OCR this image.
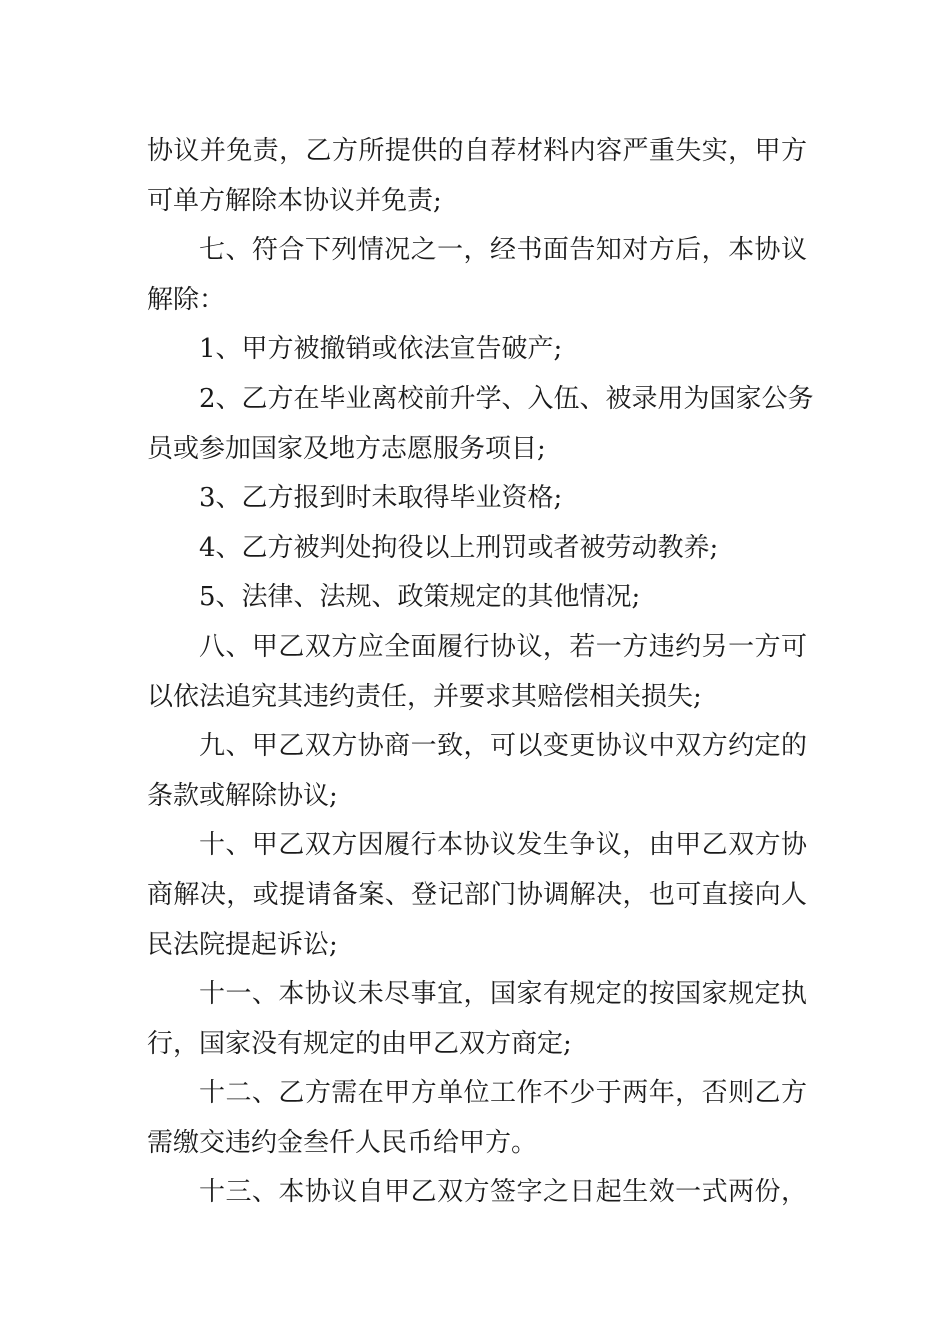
协议并免责，乙方所提供的自荐材料内容严重失实，甲方
可单方解除本协议并免责;
七、符合下列情况之一，经书面告知对方后，本协议
解除：
1、甲方被撤销或依法宣告破产;
2、乙方在毕业离校前升学、入伍、被录用为国家公务
员或参加国家及地方志愿服务项目;
3、乙方报到时未取得毕业资格;
4、乙方被判处拘役以上刑罚或者被劳动教养;
5、法律、法规、政策规定的其他情况;
八、甲乙双方应全面履行协议，若一方违约另一方可
以依法追究其违约责任，并要求其赔偿相关损失;
九、甲乙双方协商一致，可以变更协议中双方约定的
条款或解除协议;
十、甲乙双方因履行本协议发生争议，由甲乙双方协
商解决，或提请备案、登记部门协调解决，也可直接向人
民法院提起诉讼;
十一、本协议未尽事宜，国家有规定的按国家规定执
行，国家没有规定的由甲乙双方商定;
十二、乙方需在甲方单位工作不少于两年，否则乙方
需缴交违约金叁仟人民币给甲方。
十三、本协议自甲乙双方签字之日起生效一式两份，
